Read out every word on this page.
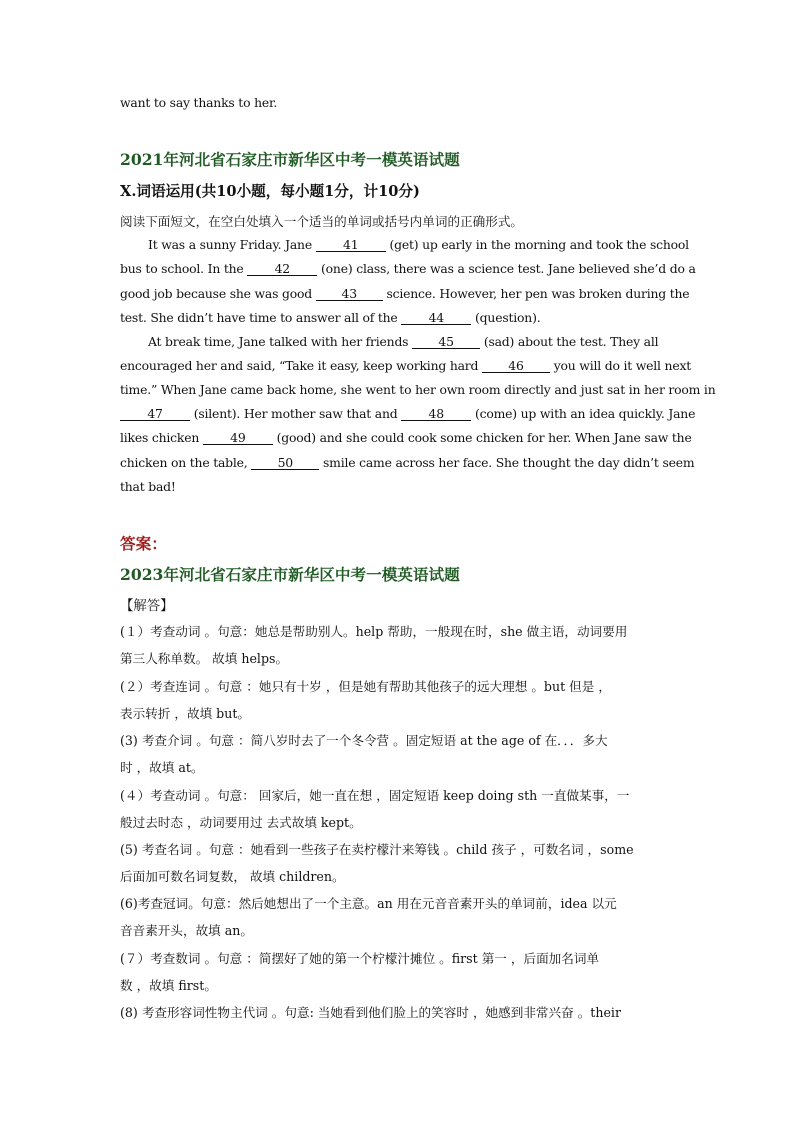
want to say thanks to her.
2021年河北省石家庄市新华区中考一模英语试题
X.词语运用(共10小题，每小题1分，计10分)
阅读下面短文，在空白处填入一个适当的单词或括号内单词的正确形式。
It was a sunny Friday. Jane 41 (get) up early in the morning and took the school
bus to school. In the 42 (one) class, there was a science test. Jane believed she’d do a
good job because she was good 43 science. However, her pen was broken during the
test. She didn’t have time to answer all of the 44 (question).
At break time, Jane talked with her friends 45 (sad) about the test. They all
encouraged her and said, “Take it easy, keep working hard 46 you will do it well next
time.” When Jane came back home, she went to her own room directly and just sat in her room in
47 (silent). Her mother saw that and 48 (come) up with an idea quickly. Jane
likes chicken 49 (good) and she could cook some chicken for her. When Jane saw the
chicken on the table, 50 smile came across her face. She thought the day didn’t seem
that bad!
答案：
2023年河北省石家庄市新华区中考一模英语试题
【解答】
(１）考查动词 。句意：她总是帮助别人。help 帮助，一般现在时，she 做主语，动词要用
第三人称单数。 故填 helps。
(２）考查连词 。句意 ：她只有十岁 ，但是她有帮助其他孩子的远大理想 。but 但是 ，
表示转折 ，故填 but。
(3) 考查介词 。句意 ：简八岁时去了一个冬令营 。固定短语 at the age of 在．．．多大
时 ，故填 at。
(４）考查动词 。句意： 回家后，她一直在想 ，固定短语 keep doing sth 一直做某事，一
般过去时态 ，动词要用过 去式故填 kept。
(5) 考查名词 。句意 ：她看到一些孩子在卖柠檬汁来筹钱 。child 孩子 ，可数名词 ，some
后面加可数名词复数， 故填 children。
(6)考查冠词。句意：然后她想出了一个主意。an 用在元音音素开头的单词前，idea 以元
音音素开头，故填 an。
(７）考查数词 。句意 ：简摆好了她的第一个柠檬汁摊位 。first 第一 ，后面加名词单
数 ，故填 first。
(8) 考查形容词性物主代词 。句意: 当她看到他们脸上的笑容时 ，她感到非常兴奋 。their
